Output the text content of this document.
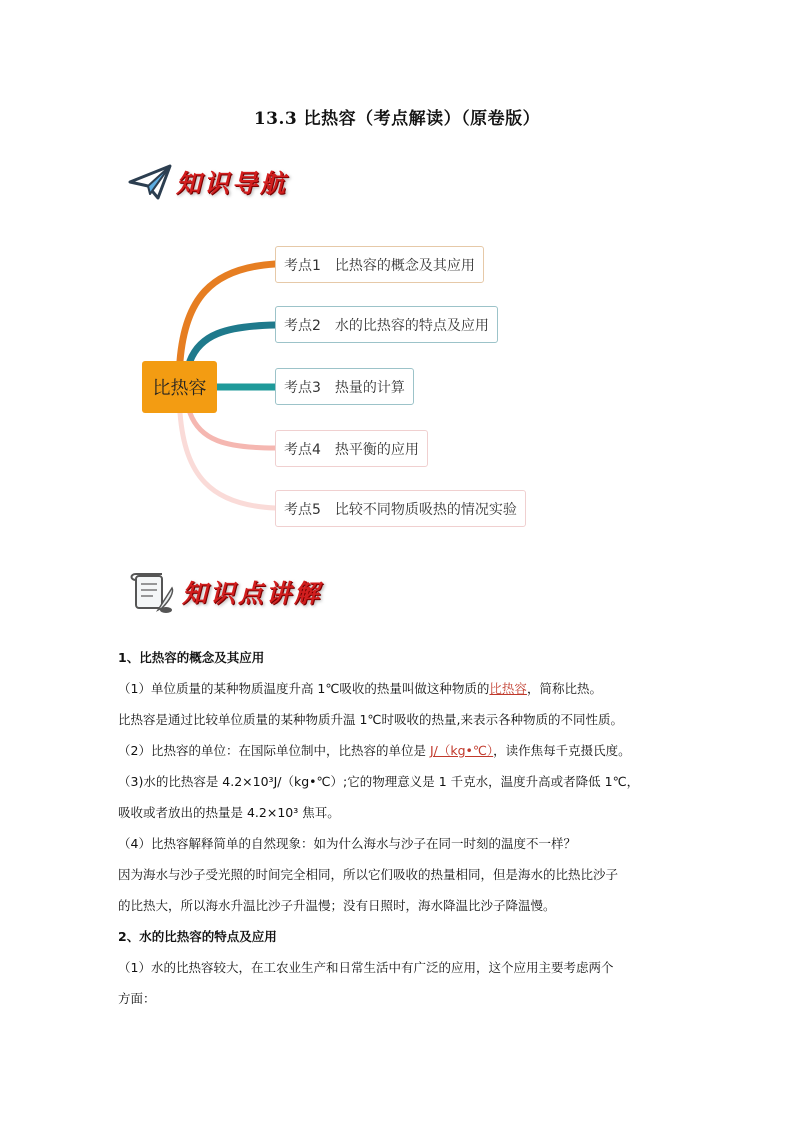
13.3 比热容（考点解读）（原卷版）
知识导航
比热容
考点1 比热容的概念及其应用
考点2 水的比热容的特点及应用
考点3 热量的计算
考点4 热平衡的应用
考点5 比较不同物质吸热的情况实验
知识点讲解

1、比热容的概念及其应用

（1）单位质量的某种物质温度升高 1℃吸收的热量叫做这种物质的比热容，简称比热。

比热容是通过比较单位质量的某种物质升温 1℃时吸收的热量,来表示各种物质的不同性质。

（2）比热容的单位：在国际单位制中，比热容的单位是 J/（kg•℃），读作焦每千克摄氏度。

（3)水的比热容是 4.2×10³J/（kg•℃）;它的物理意义是 1 千克水，温度升高或者降低 1℃，

吸收或者放出的热量是 4.2×10³ 焦耳。

（4）比热容解释简单的自然现象：如为什么海水与沙子在同一时刻的温度不一样？

因为海水与沙子受光照的时间完全相同，所以它们吸收的热量相同，但是海水的比热比沙子

的比热大，所以海水升温比沙子升温慢；没有日照时，海水降温比沙子降温慢。

2、水的比热容的特点及应用

（1）水的比热容较大，在工农业生产和日常生活中有广泛的应用，这个应用主要考虑两个

方面：
